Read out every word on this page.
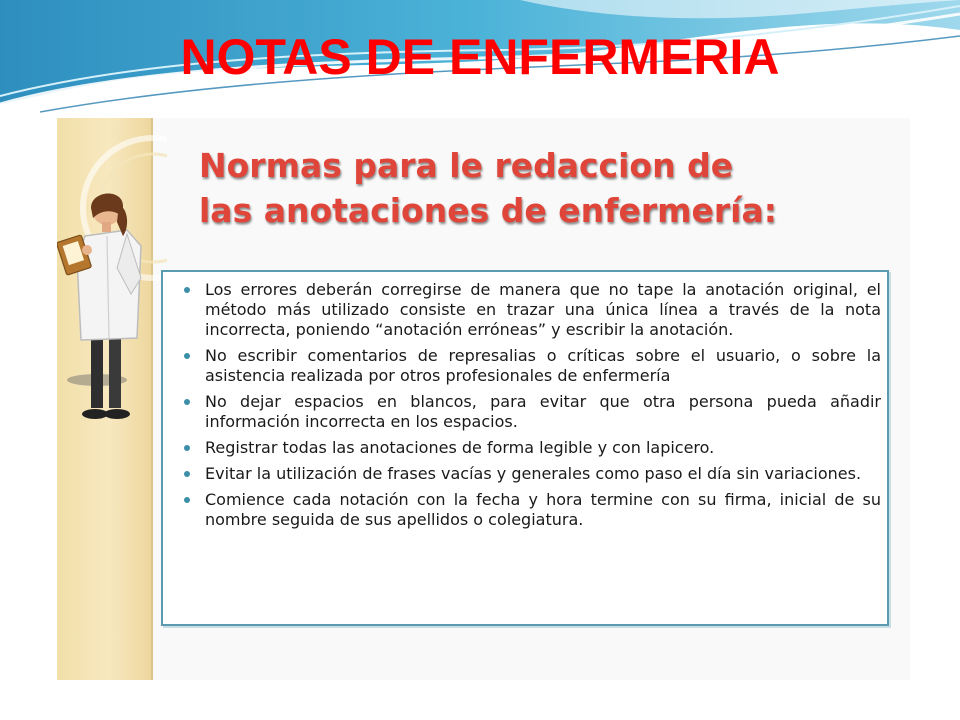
NOTAS DE ENFERMERIA
Normas para le redaccion de
las anotaciones de enfermería:
Los errores deberán corregirse de manera que no tape la anotación original, el método más utilizado consiste en trazar una única línea a través de la nota incorrecta, poniendo “anotación erróneas” y escribir la anotación.
No escribir comentarios de represalias o críticas sobre el usuario, o sobre la asistencia realizada por otros profesionales de enfermería
No dejar espacios en blancos, para evitar que otra persona pueda añadir información incorrecta en los espacios.
Registrar todas las anotaciones de forma legible y con lapicero.
Evitar la utilización de frases vacías y generales como paso el día sin variaciones.
Comience cada notación con la fecha y hora termine con su firma, inicial de su nombre seguida de sus apellidos o colegiatura.
